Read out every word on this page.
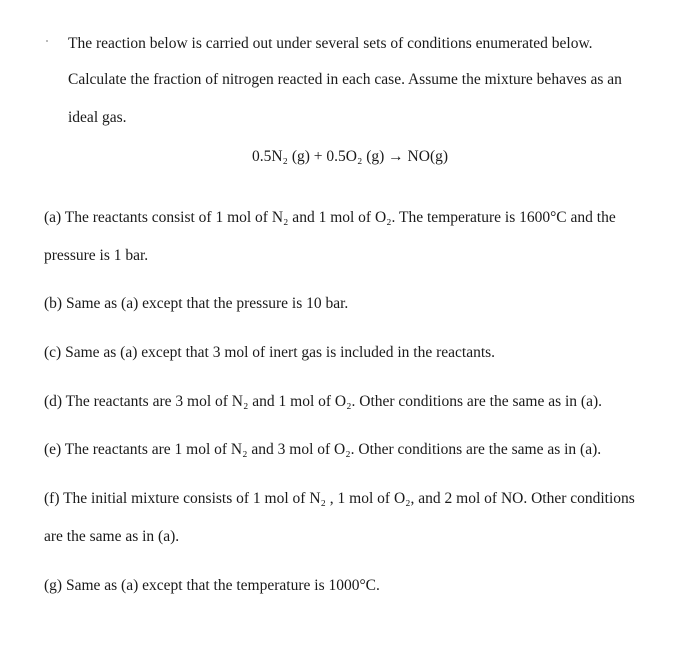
The reaction below is carried out under several sets of conditions enumerated below.
Calculate the fraction of nitrogen reacted in each case. Assume the mixture behaves as an
ideal gas.
0.5N₂ (g) + 0.5O₂ (g) → NO(g)
(a) The reactants consist of 1 mol of N₂ and 1 mol of O₂. The temperature is 1600°C and the
pressure is 1 bar.
(b) Same as (a) except that the pressure is 10 bar.
(c) Same as (a) except that 3 mol of inert gas is included in the reactants.
(d) The reactants are 3 mol of N₂ and 1 mol of O₂. Other conditions are the same as in (a).
(e) The reactants are 1 mol of N₂ and 3 mol of O₂. Other conditions are the same as in (a).
(f) The initial mixture consists of 1 mol of N₂ , 1 mol of O₂, and 2 mol of NO. Other conditions
are the same as in (a).
(g) Same as (a) except that the temperature is 1000°C.
